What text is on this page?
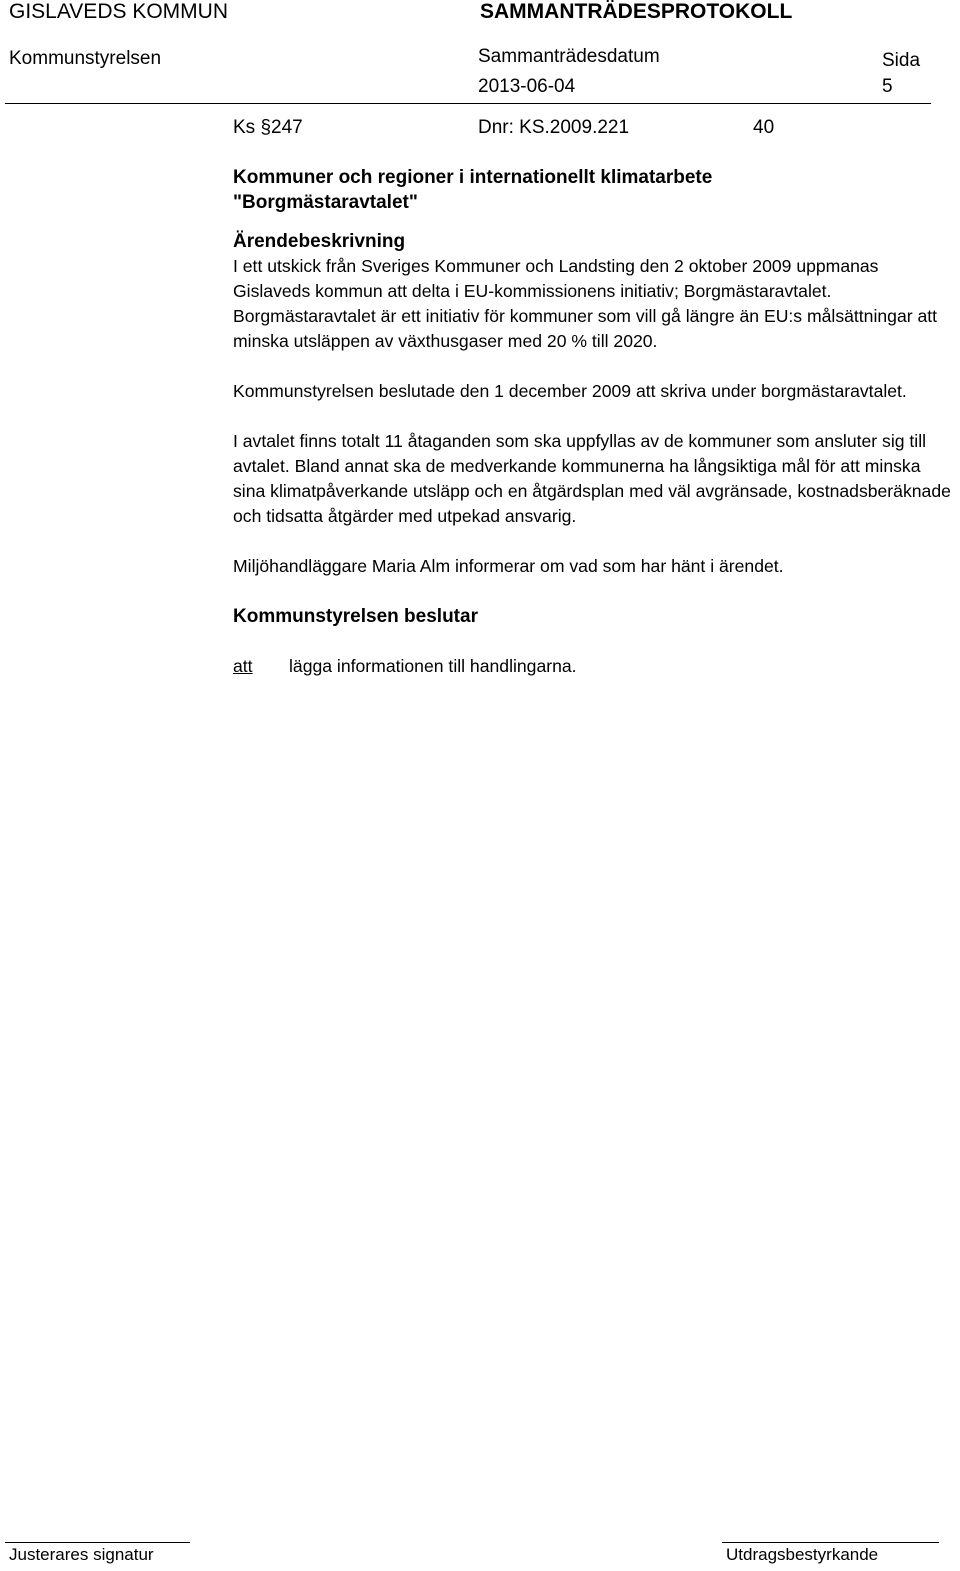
GISLAVEDS KOMMUN	SAMMANTRÄDESPROTOKOLL
Kommunstyrelsen	Sammanträdesdatum
2013-06-04
Sida
5
Ks §247	Dnr: KS.2009.221	40
Kommuner och regioner i internationellt klimatarbete
"Borgmästaravtalet"
Ärendebeskrivning

I ett utskick från Sveriges Kommuner och Landsting den 2 oktober 2009 uppmanas Gislaveds kommun att delta i EU-kommissionens initiativ; Borgmästaravtalet. Borgmästaravtalet är ett initiativ för kommuner som vill gå längre än EU:s målsättningar att minska utsläppen av växthusgaser med 20 % till 2020.

Kommunstyrelsen beslutade den 1 december 2009 att skriva under borgmästaravtalet.

I avtalet finns totalt 11 åtaganden som ska uppfyllas av de kommuner som ansluter sig till avtalet. Bland annat ska de medverkande kommunerna ha långsiktiga mål för att minska sina klimatpåverkande utsläpp och en åtgärdsplan med väl avgränsade, kostnadsberäknade och tidsatta åtgärder med utpekad ansvarig.

Miljöhandläggare Maria Alm informerar om vad som har hänt i ärendet.

Kommunstyrelsen beslutar
att	lägga informationen till handlingarna.
Justerares signatur	Utdragsbestyrkande
